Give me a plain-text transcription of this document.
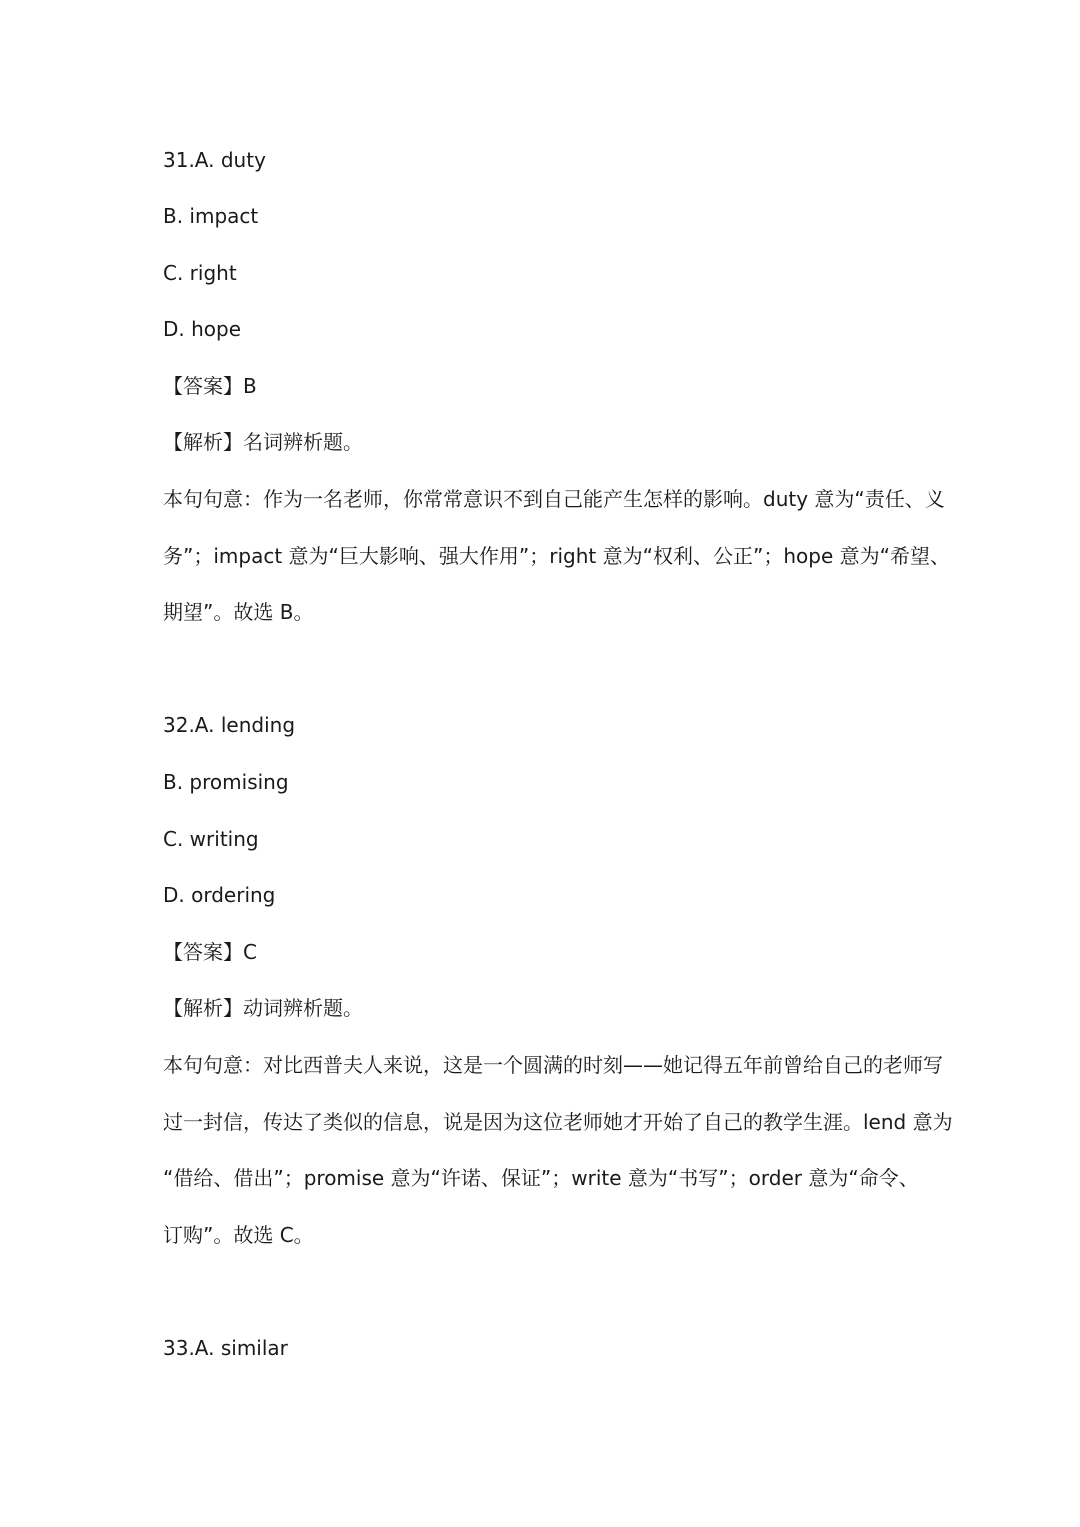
31.A. duty
B. impact
C. right
D. hope
【答案】B
【解析】名词辨析题。
本句句意：作为一名老师，你常常意识不到自己能产生怎样的影响。duty 意为“责任、义
务”；impact 意为“巨大影响、强大作用”；right 意为“权利、公正”；hope 意为“希望、
期望”。故选 B。
32.A. lending
B. promising
C. writing
D. ordering
【答案】C
【解析】动词辨析题。
本句句意：对比西普夫人来说，这是一个圆满的时刻——她记得五年前曾给自己的老师写
过一封信，传达了类似的信息，说是因为这位老师她才开始了自己的教学生涯。lend 意为
“借给、借出”；promise 意为“许诺、保证”；write 意为“书写”；order 意为“命令、
订购”。故选 C。
33.A. similar
